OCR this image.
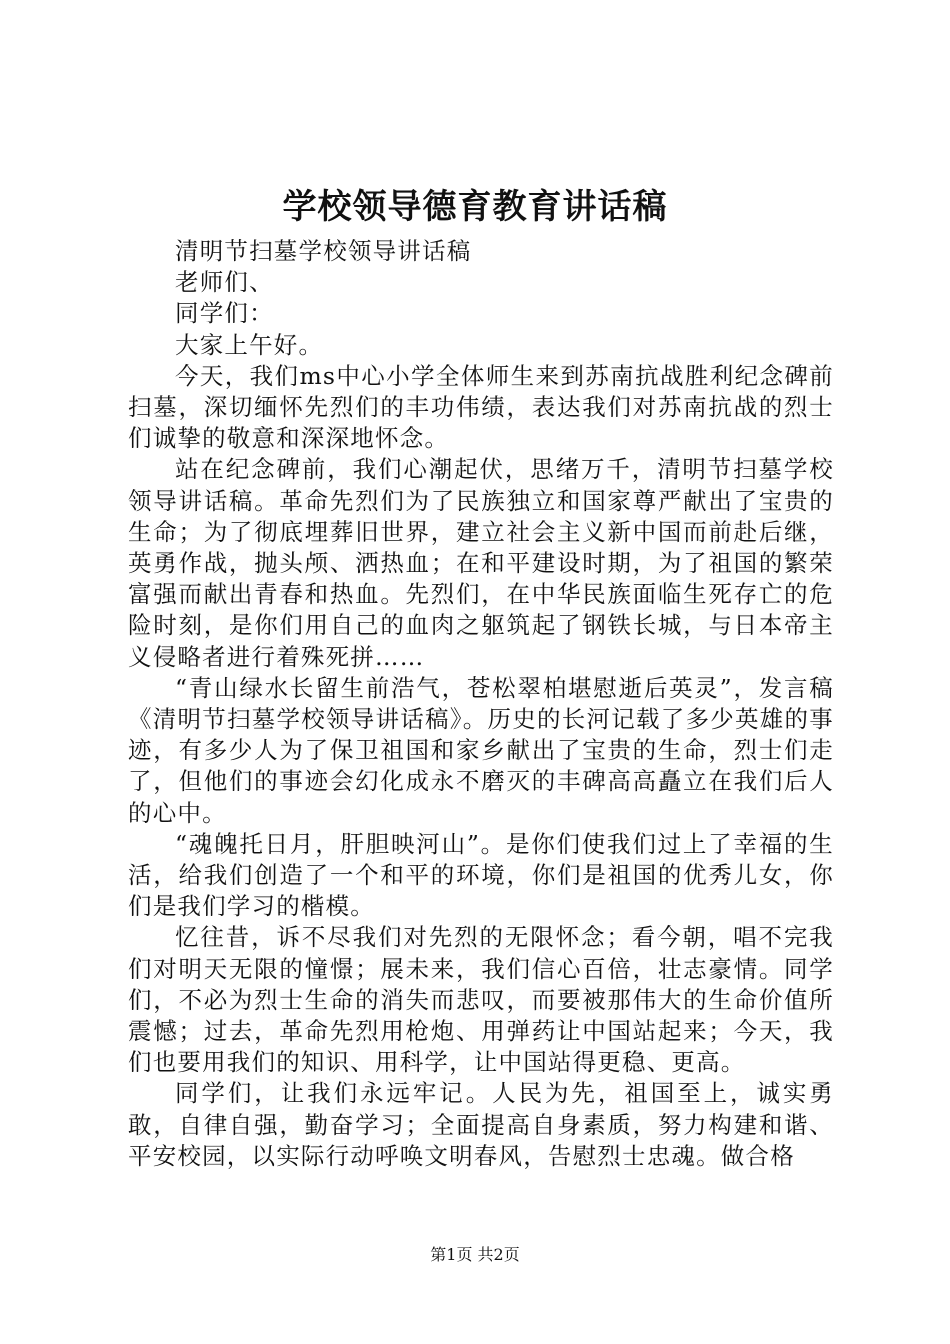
学校领导德育教育讲话稿

清明节扫墓学校领导讲话稿

老师们、

同学们：

大家上午好。

今天，我们ms中心小学全体师生来到苏南抗战胜利纪念碑前扫墓，深切缅怀先烈们的丰功伟绩，表达我们对苏南抗战的烈士们诚挚的敬意和深深地怀念。

站在纪念碑前，我们心潮起伏，思绪万千，清明节扫墓学校领导讲话稿。革命先烈们为了民族独立和国家尊严献出了宝贵的生命；为了彻底埋葬旧世界，建立社会主义新中国而前赴后继，英勇作战，抛头颅、洒热血；在和平建设时期，为了祖国的繁荣富强而献出青春和热血。先烈们，在中华民族面临生死存亡的危险时刻，是你们用自己的血肉之躯筑起了钢铁长城，与日本帝主义侵略者进行着殊死拼……

“青山绿水长留生前浩气，苍松翠柏堪慰逝后英灵”，发言稿《清明节扫墓学校领导讲话稿》。历史的长河记载了多少英雄的事迹，有多少人为了保卫祖国和家乡献出了宝贵的生命，烈士们走了，但他们的事迹会幻化成永不磨灭的丰碑高高矗立在我们后人的心中。

“魂魄托日月，肝胆映河山”。是你们使我们过上了幸福的生活，给我们创造了一个和平的环境，你们是祖国的优秀儿女，你们是我们学习的楷模。

忆往昔，诉不尽我们对先烈的无限怀念；看今朝，唱不完我们对明天无限的憧憬；展未来，我们信心百倍，壮志豪情。同学们，不必为烈士生命的消失而悲叹，而要被那伟大的生命价值所震憾；过去，革命先烈用枪炮、用弹药让中国站起来；今天，我们也要用我们的知识、用科学，让中国站得更稳、更高。

同学们，让我们永远牢记。人民为先，祖国至上，诚实勇敢，自律自强，勤奋学习；全面提高自身素质，努力构建和谐、平安校园，以实际行动呼唤文明春风，告慰烈士忠魂。做合格

第1页 共2页
